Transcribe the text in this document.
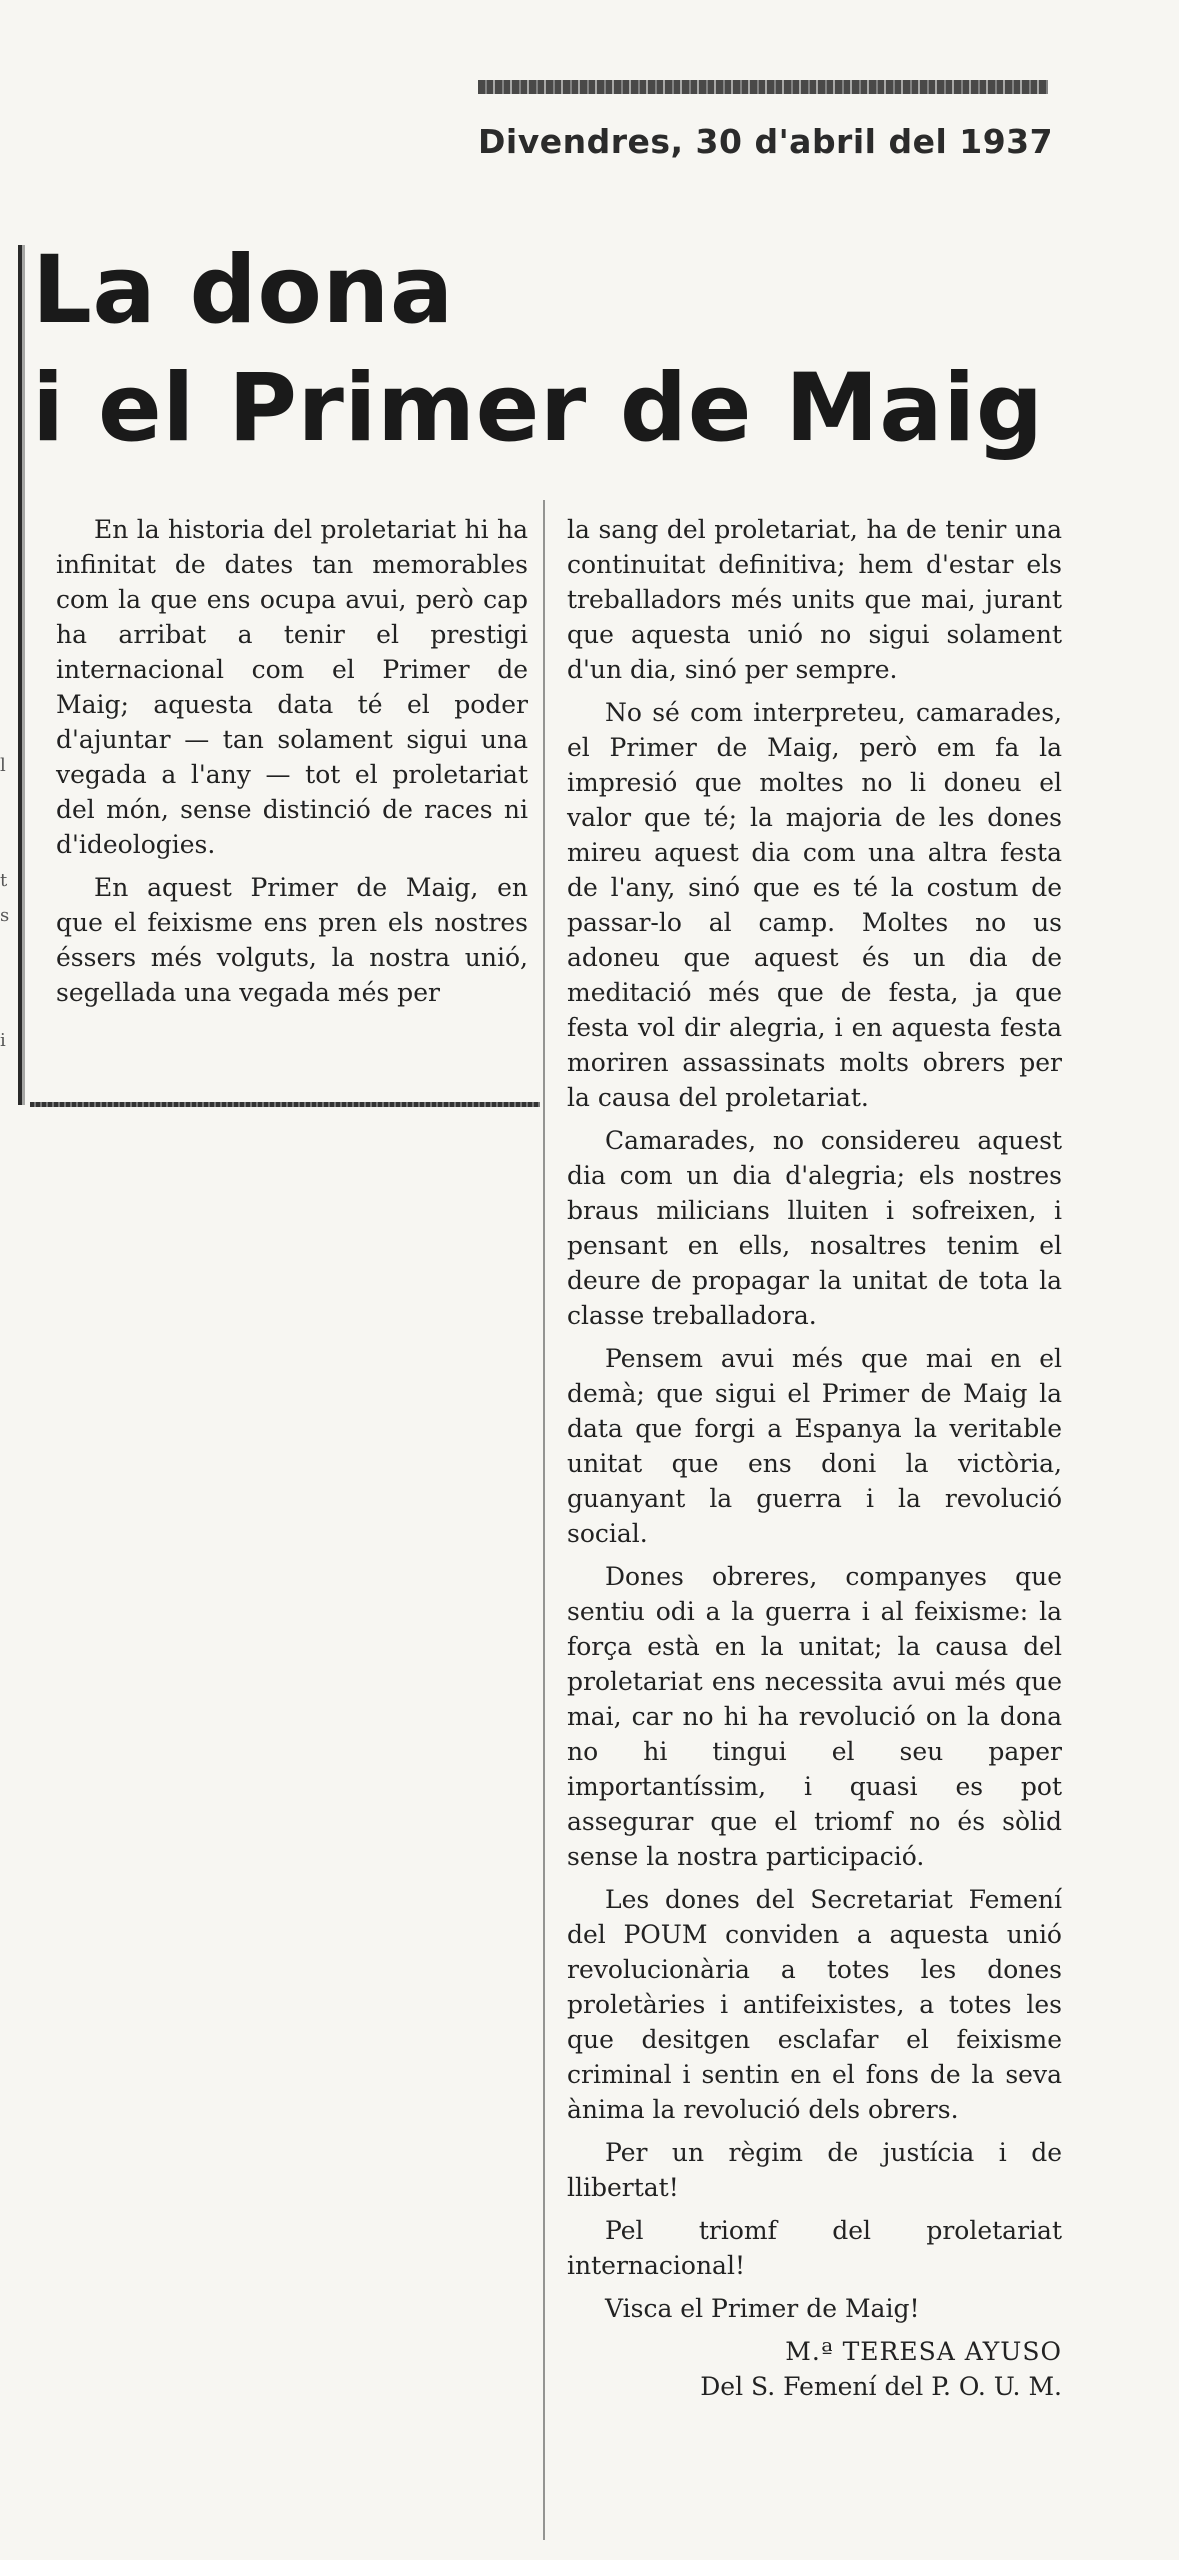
Divendres, 30 d'abril del 1937
l
t
s
i
La dona
i el Primer de Maig

En la historia del proletariat hi ha infinitat de dates tan memorables com la que ens ocupa avui, però cap ha arribat a tenir el prestigi internacional com el Primer de Maig; aquesta data té el poder d'ajuntar — tan solament sigui una vegada a l'any — tot el proletariat del món, sense distinció de races ni d'ideologies.

En aquest Primer de Maig, en que el feixisme ens pren els nostres éssers més volguts, la nostra unió, segellada una vegada més per

la sang del proletariat, ha de tenir una continuitat definitiva; hem d'estar els treballadors més units que mai, jurant que aquesta unió no sigui solament d'un dia, sinó per sempre.

No sé com interpreteu, camarades, el Primer de Maig, però em fa la impresió que moltes no li doneu el valor que té; la majoria de les dones mireu aquest dia com una altra festa de l'any, sinó que es té la costum de passar-lo al camp. Moltes no us adoneu que aquest és un dia de meditació més que de festa, ja que festa vol dir alegria, i en aquesta festa moriren assassinats molts obrers per la causa del proletariat.

Camarades, no considereu aquest dia com un dia d'alegria; els nostres braus milicians lluiten i sofreixen, i pensant en ells, nosaltres tenim el deure de propagar la unitat de tota la classe treballadora.

Pensem avui més que mai en el demà; que sigui el Primer de Maig la data que forgi a Espanya la veritable unitat que ens doni la victòria, guanyant la guerra i la revolució social.

Dones obreres, companyes que sentiu odi a la guerra i al feixisme: la força està en la unitat; la causa del proletariat ens necessita avui més que mai, car no hi ha revolució on la dona no hi tingui el seu paper importantíssim, i quasi es pot assegurar que el triomf no és sòlid sense la nostra participació.

Les dones del Secretariat Femení del POUM conviden a aquesta unió revolucionària a totes les dones proletàries i antifeixistes, a totes les que desitgen esclafar el feixisme criminal i sentin en el fons de la seva ànima la revolució dels obrers.

Per un règim de justícia i de llibertat!

Pel triomf del proletariat internacional!

Visca el Primer de Maig!

M.ª TERESA AYUSO
Del S. Femení del P. O. U. M.
